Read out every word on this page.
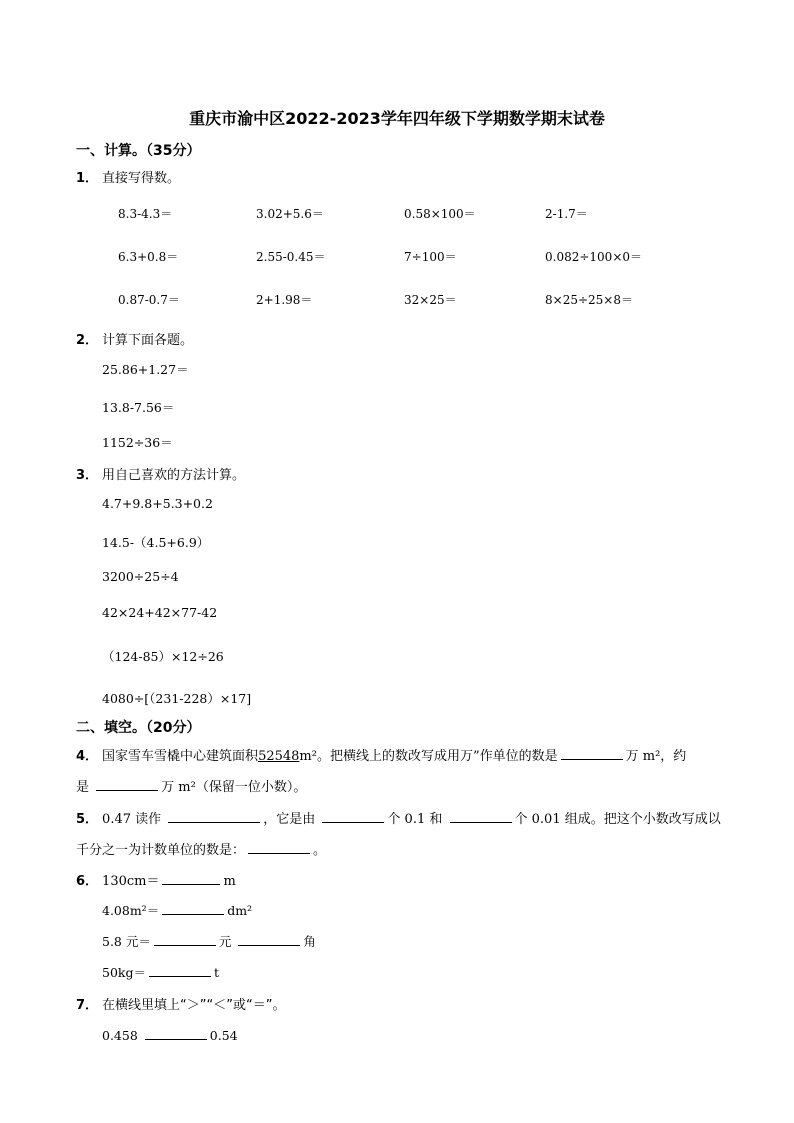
重庆市渝中区2022-2023学年四年级下学期数学期末试卷
一、计算。（35分）
1． 直接写得数。
8.3-4.3＝	3.02+5.6＝	0.58×100＝	2-1.7＝
6.3+0.8＝	2.55-0.45＝	7÷100＝	0.082÷100×0＝
0.87-0.7＝	2+1.98＝	32×25＝	8×25÷25×8＝
2． 计算下面各题。
25.86+1.27＝
13.8-7.56＝
1152÷36＝
3． 用自己喜欢的方法计算。
4.7+9.8+5.3+0.2
14.5-（4.5+6.9）
3200÷25÷4
42×24+42×77-42
（124-85）×12÷26
4080÷[（231-228）×17]
二、填空。（20分）
4． 国家雪车雪橇中心建筑面积52548m²。把横线上的数改写成用万”作单位的数是	万 m²，约
是	万 m²（保留一位小数）。
5． 0.47 读作	，它是由	个 0.1 和	个 0.01 组成。把这个小数改写成以
千分之一为计数单位的数是：	。
6． 130cm＝	m
4.08m²＝	dm²
5.8 元＝	元	角
50kg＝	t
7． 在横线里填上“＞”“＜”或“＝”。
0.458	0.54
